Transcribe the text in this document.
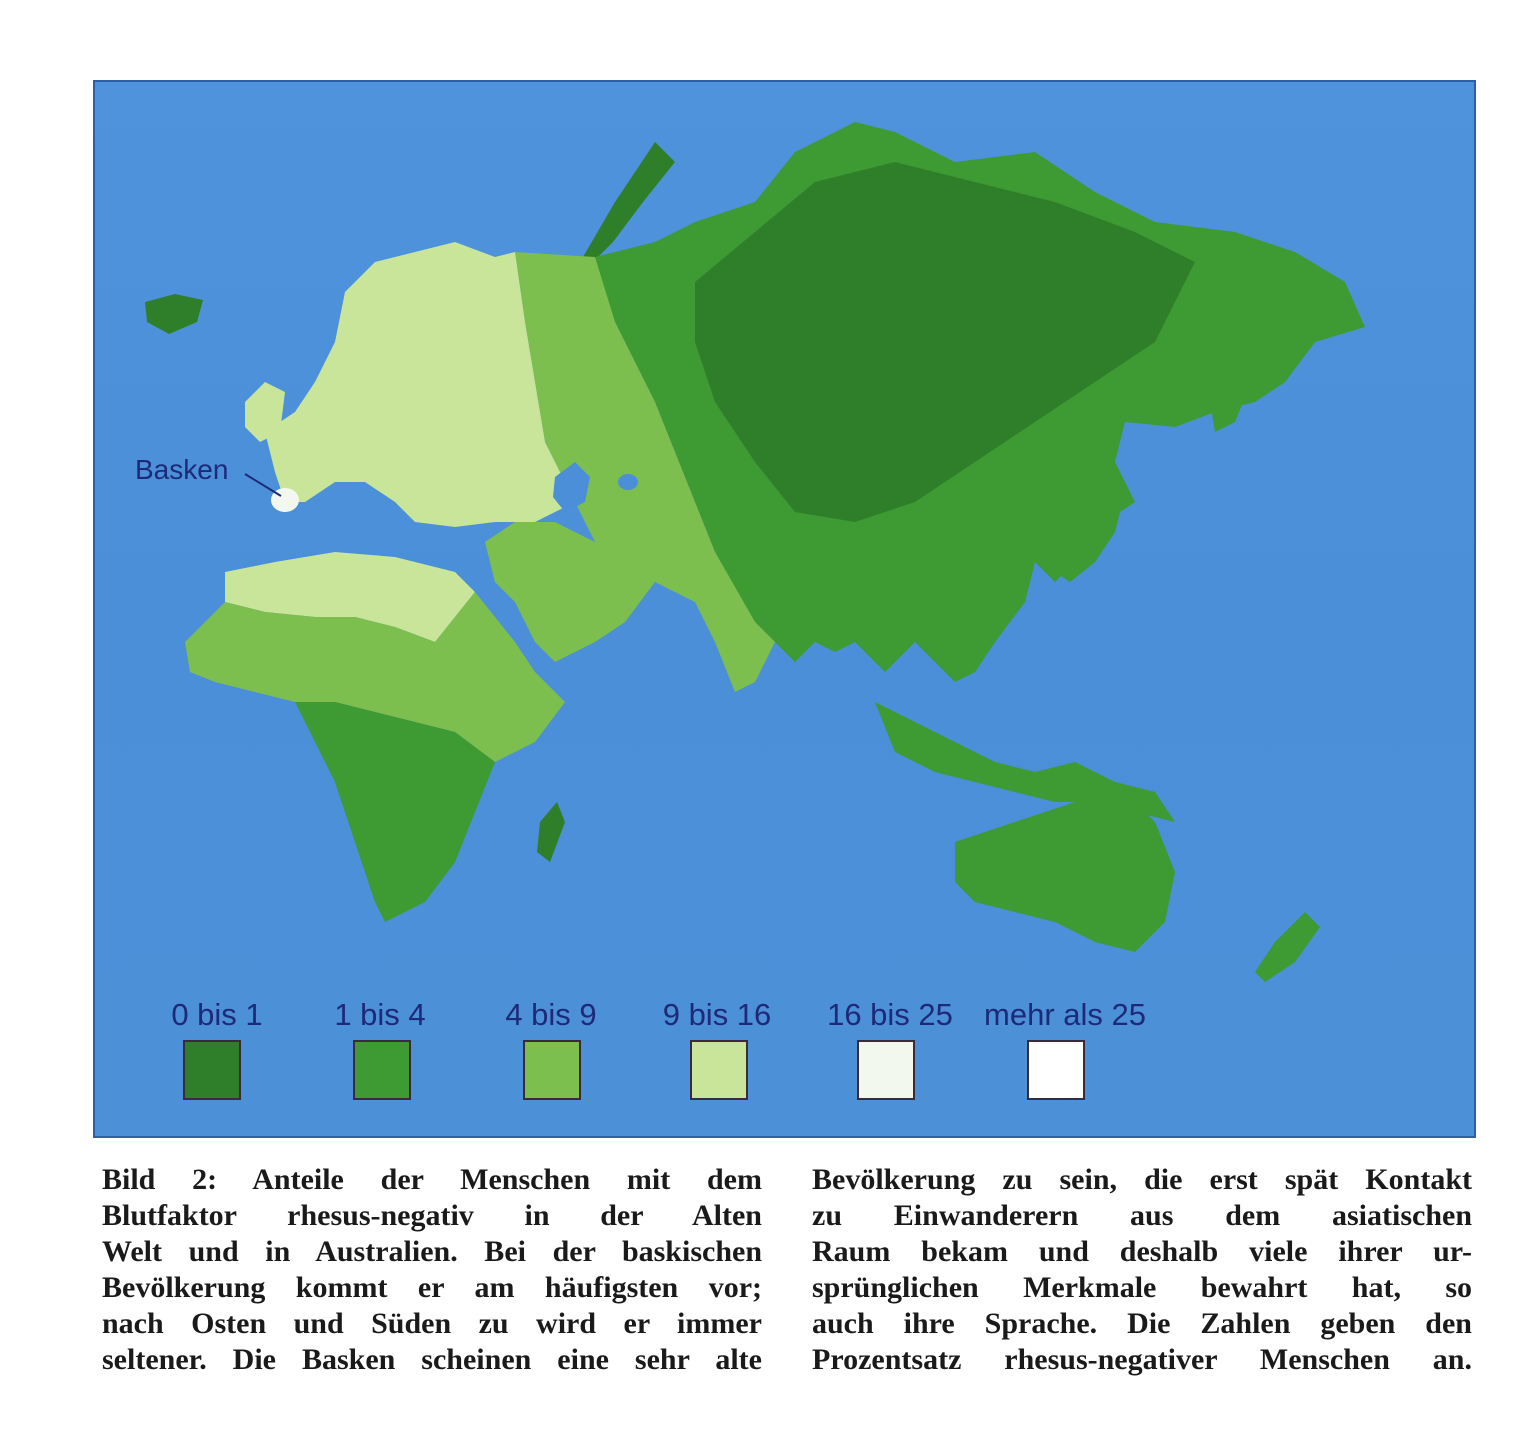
Basken
0 bis 1 1 bis 4	4 bis 9 9 bis 16 16 bis 25 mehr als 25
Bild 2: Anteile der Menschen mit dem
Blutfaktor rhesus-negativ in der Alten
Welt und in Australien. Bei der baskischen
Bevölkerung kommt er am häufigsten vor;
nach Osten und Süden zu wird er immer
seltener. Die Basken scheinen eine sehr alte
Bevölkerung zu sein, die erst spät Kontakt
zu Einwanderern aus dem asiatischen
Raum bekam und deshalb viele ihrer ur-
sprünglichen Merkmale bewahrt hat, so
auch ihre Sprache. Die Zahlen geben den
Prozentsatz rhesus-negativer Menschen an.
